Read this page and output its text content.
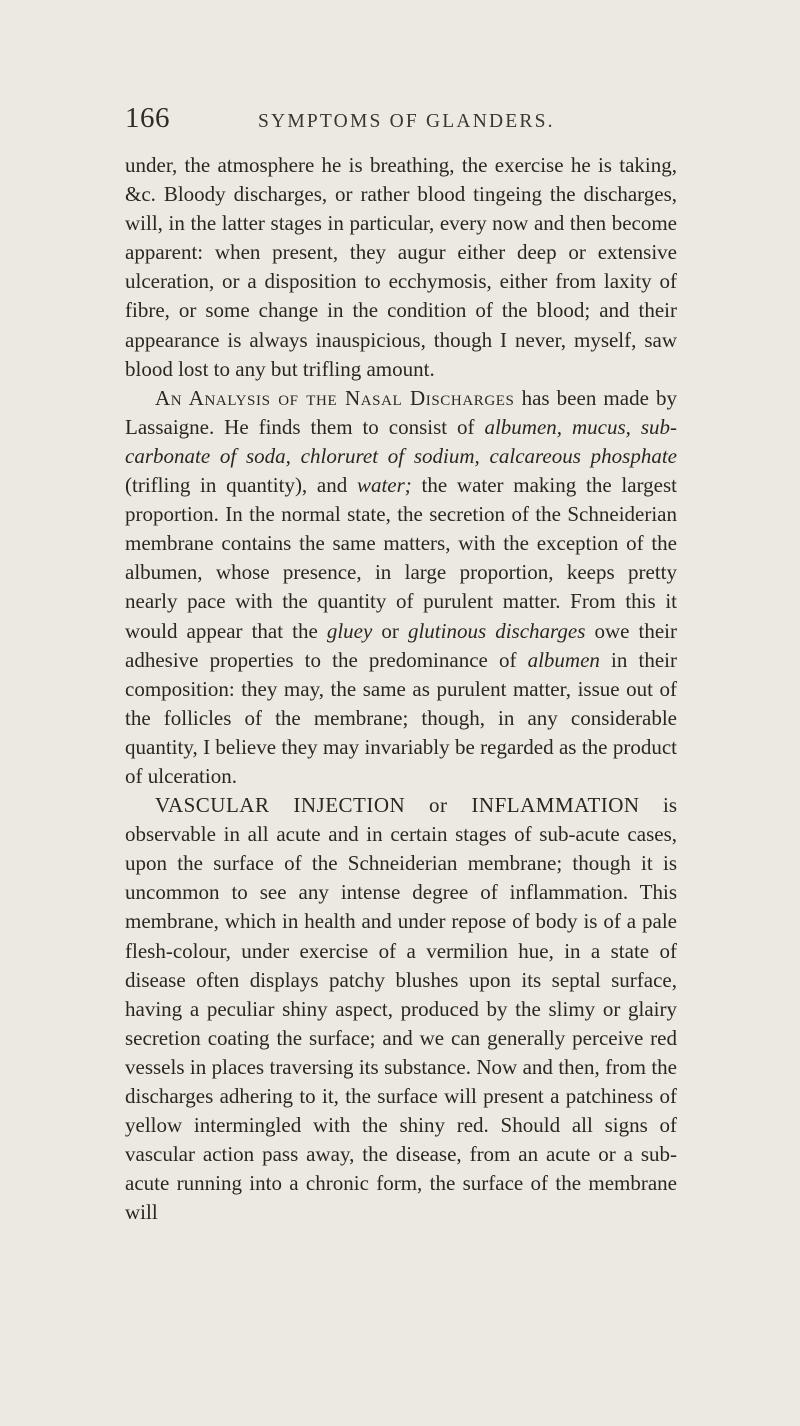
166	SYMPTOMS OF GLANDERS.

under, the atmosphere he is breathing, the exercise he is taking, &c. Bloody discharges, or rather blood tingeing the discharges, will, in the latter stages in particular, every now and then become apparent: when present, they augur either deep or extensive ulceration, or a disposition to ecchymosis, either from laxity of fibre, or some change in the condition of the blood; and their appearance is always inauspicious, though I never, myself, saw blood lost to any but trifling amount.

An Analysis of the Nasal Discharges has been made by Lassaigne. He finds them to consist of albumen, mucus, sub-carbonate of soda, chloruret of sodium, calcareous phosphate (trifling in quantity), and water; the water making the largest proportion. In the normal state, the secretion of the Schneiderian membrane contains the same matters, with the exception of the albumen, whose presence, in large proportion, keeps pretty nearly pace with the quantity of purulent matter. From this it would appear that the gluey or glutinous discharges owe their adhesive properties to the predominance of albumen in their composition: they may, the same as purulent matter, issue out of the follicles of the membrane; though, in any considerable quantity, I believe they may invariably be regarded as the product of ulceration.

VASCULAR INJECTION or INFLAMMATION is observable in all acute and in certain stages of sub-acute cases, upon the surface of the Schneiderian membrane; though it is uncommon to see any intense degree of inflammation. This membrane, which in health and under repose of body is of a pale flesh-colour, under exercise of a vermilion hue, in a state of disease often displays patchy blushes upon its septal surface, having a peculiar shiny aspect, produced by the slimy or glairy secretion coating the surface; and we can generally perceive red vessels in places traversing its substance. Now and then, from the discharges adhering to it, the surface will present a patchiness of yellow intermingled with the shiny red. Should all signs of vascular action pass away, the disease, from an acute or a sub-acute running into a chronic form, the surface of the membrane will
